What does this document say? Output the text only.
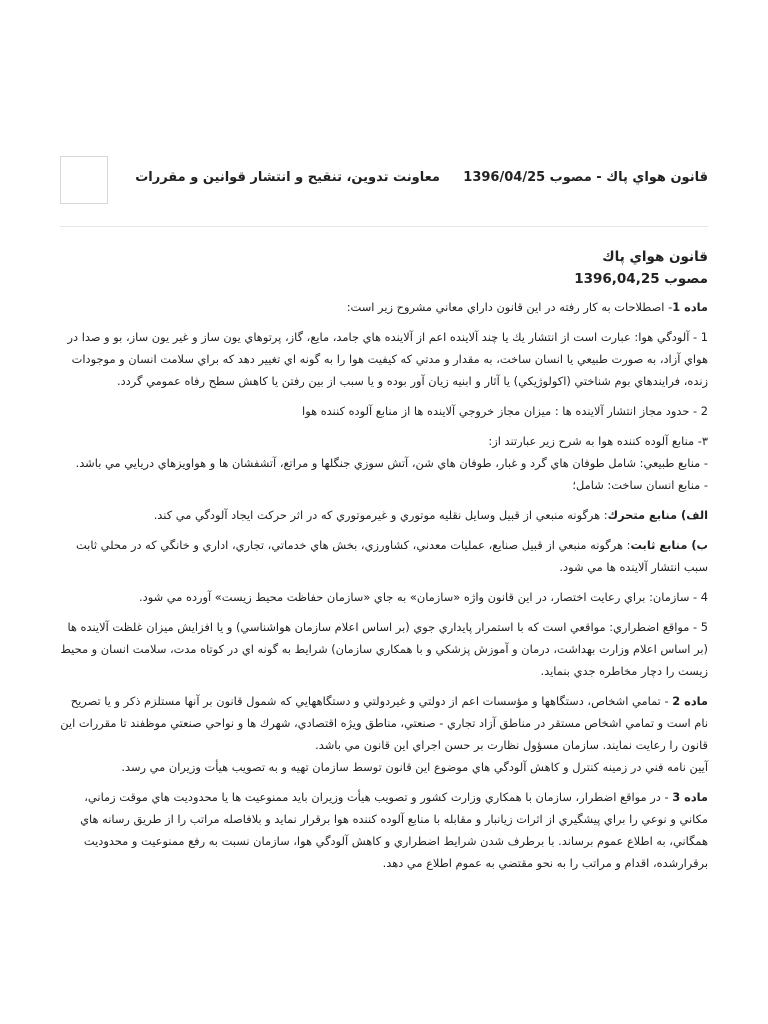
قانون هواي پاك - مصوب 1396/04/25
معاونت تدوين، تنقيح و انتشار قوانين و مقررات
قانون هواي پاك
مصوب 1396,04,25

ماده 1- اصطلاحات به كار رفته در اين قانون داراي معاني مشروح زير است:

1 - آلودگي هوا: عبارت است از انتشار يك يا چند آلاينده اعم از آلاينده هاي جامد، مايع، گاز، پرتوهاي يون ساز و غير يون ساز، بو و صدا در هواي آزاد، به صورت طبيعي يا انسان ساخت، به مقدار و مدتي كه كيفيت هوا را به گونه اي تغيير دهد كه براي سلامت انسان و موجودات زنده، فرايندهاي بوم شناختي (اكولوژيكي) يا آثار و ابنيه زيان آور بوده و يا سبب از بين رفتن يا كاهش سطح رفاه عمومي گردد.

2 - حدود مجاز انتشار آلاينده ها : ميزان مجاز خروجي آلاينده ها از منابع آلوده كننده هوا

۳- منابع آلوده كننده هوا به شرح زير عبارتند از:
- منابع طبيعي: شامل طوفان هاي گرد و غبار، طوفان هاي شن، آتش سوزي جنگلها و مراتع، آتشفشان ها و هواويزهاي دريايي مي باشد.
- منابع انسان ساخت: شامل؛

الف) منابع متحرك: هرگونه منبعي از قبيل وسايل نقليه موتوري و غيرموتوري كه در اثر حركت ايجاد آلودگي مي كند.

ب) منابع ثابت: هرگونه منبعي از قبيل صنايع، عمليات معدني، كشاورزي، بخش هاي خدماتي، تجاري، اداري و خانگي كه در محلي ثابت سبب انتشار آلاينده ها مي شود.

4 - سازمان: براي رعايت اختصار، در اين قانون واژه «سازمان» به جاي «سازمان حفاظت محيط زيست» آورده مي شود.

5 - مواقع اضطراري: مواقعي است كه با استمرار پايداري جوي (بر اساس اعلام سازمان هواشناسي) و يا افزايش ميزان غلظت آلاينده ها (بر اساس اعلام وزارت بهداشت، درمان و آموزش پزشكي و با همكاري سازمان) شرايط به گونه اي در كوتاه مدت، سلامت انسان و محيط زيست را دچار مخاطره جدي بنمايد.

ماده 2 - تمامي اشخاص، دستگاهها و مؤسسات اعم از دولتي و غيردولتي و دستگاههايي كه شمول قانون بر آنها مستلزم ذكر و يا تصريح نام است و تمامي اشخاص مستقر در مناطق آزاد تجاري - صنعتي، مناطق ويژه اقتصادي، شهرك ها و نواحي صنعتي موظفند تا مقررات اين قانون را رعايت نمايند. سازمان مسؤول نظارت بر حسن اجراي اين قانون مي باشد.
آيين نامه فني در زمينه كنترل و كاهش آلودگي هاي موضوع اين قانون توسط سازمان تهيه و به تصويب هيأت وزيران مي رسد.

ماده 3 - در مواقع اضطرار، سازمان با همكاري وزارت كشور و تصويب هيأت وزيران بايد ممنوعيت ها يا محدوديت هاي موقت زماني، مكاني و نوعي را براي پيشگيري از اثرات زيانبار و مقابله با منابع آلوده كننده هوا برقرار نمايد و بلافاصله مراتب را از طريق رسانه هاي همگاني، به اطلاع عموم برساند. با برطرف شدن شرايط اضطراري و كاهش آلودگي هوا، سازمان نسبت به رفع ممنوعيت و محدوديت برقرارشده، اقدام و مراتب را به نحو مقتضي به عموم اطلاع مي دهد.
